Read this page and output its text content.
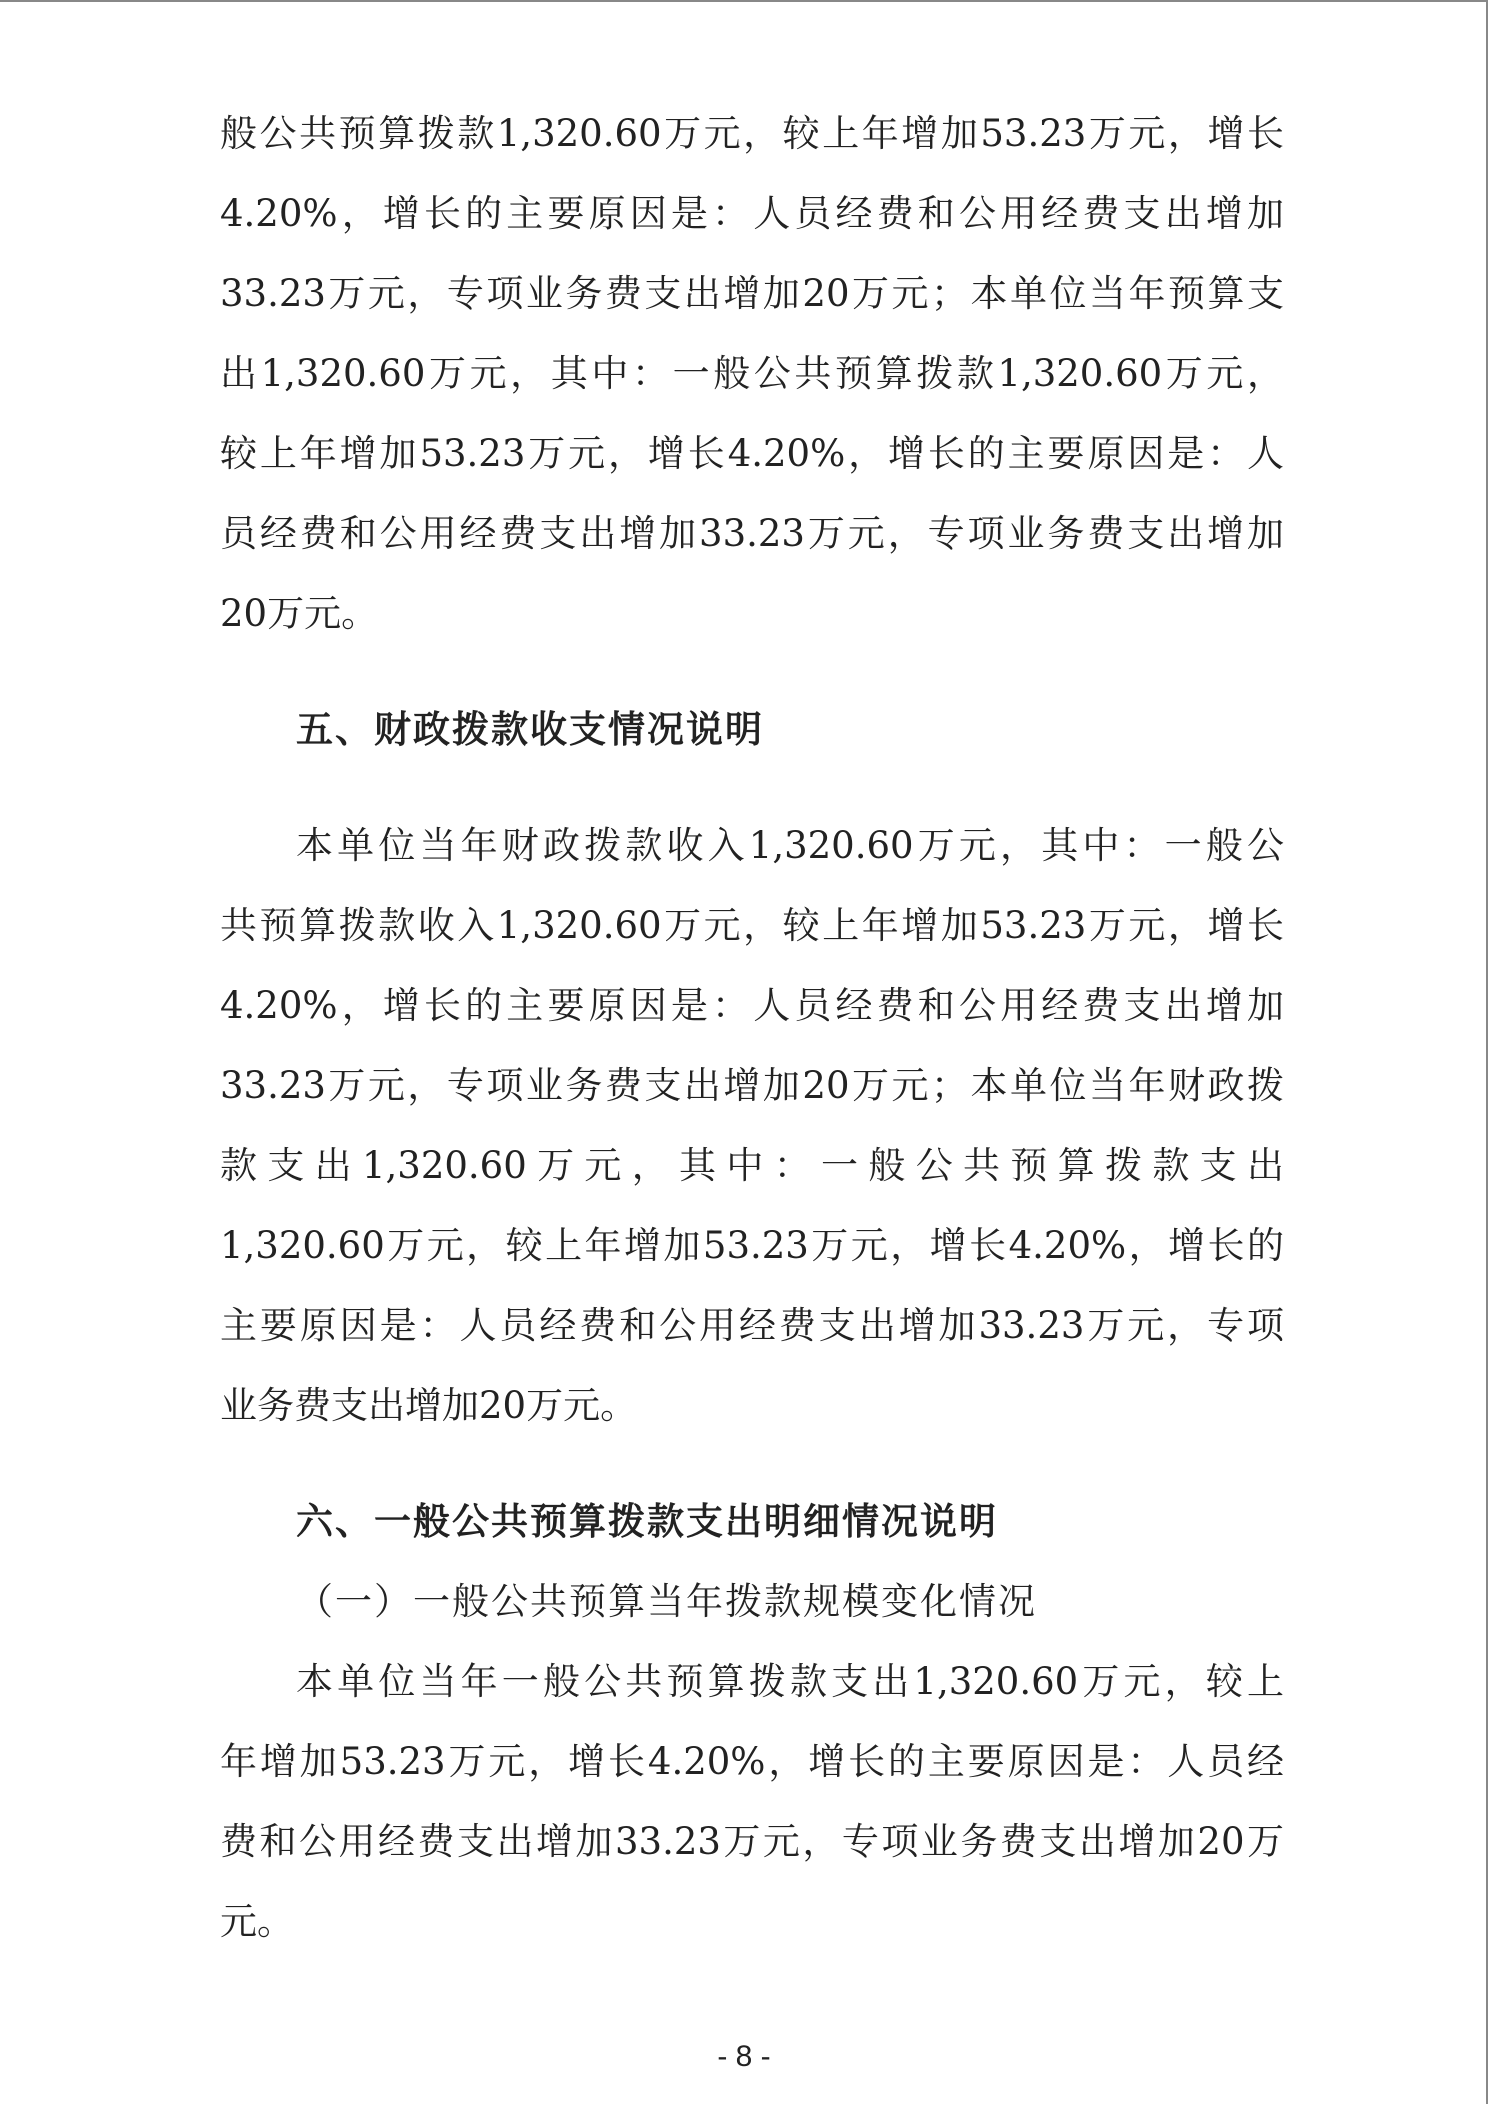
般公共预算拨款1,320.60万元，较上年增加53.23万元，增长
4.20%，增长的主要原因是：人员经费和公用经费支出增加
33.23万元，专项业务费支出增加20万元；本单位当年预算支
出1,320.60万元，其中：一般公共预算拨款1,320.60万元，
较上年增加53.23万元，增长4.20%，增长的主要原因是：人
员经费和公用经费支出增加33.23万元，专项业务费支出增加
20万元。
五、财政拨款收支情况说明
本单位当年财政拨款收入1,320.60万元，其中：一般公
共预算拨款收入1,320.60万元，较上年增加53.23万元，增长
4.20%，增长的主要原因是：人员经费和公用经费支出增加
33.23万元，专项业务费支出增加20万元；本单位当年财政拨
款支出1,320.60万元，其中：一般公共预算拨款支出
1,320.60万元，较上年增加53.23万元，增长4.20%，增长的
主要原因是：人员经费和公用经费支出增加33.23万元，专项
业务费支出增加20万元。
六、一般公共预算拨款支出明细情况说明
（一）一般公共预算当年拨款规模变化情况
本单位当年一般公共预算拨款支出1,320.60万元，较上
年增加53.23万元，增长4.20%，增长的主要原因是：人员经
费和公用经费支出增加33.23万元，专项业务费支出增加20万
元。
- 8 -
